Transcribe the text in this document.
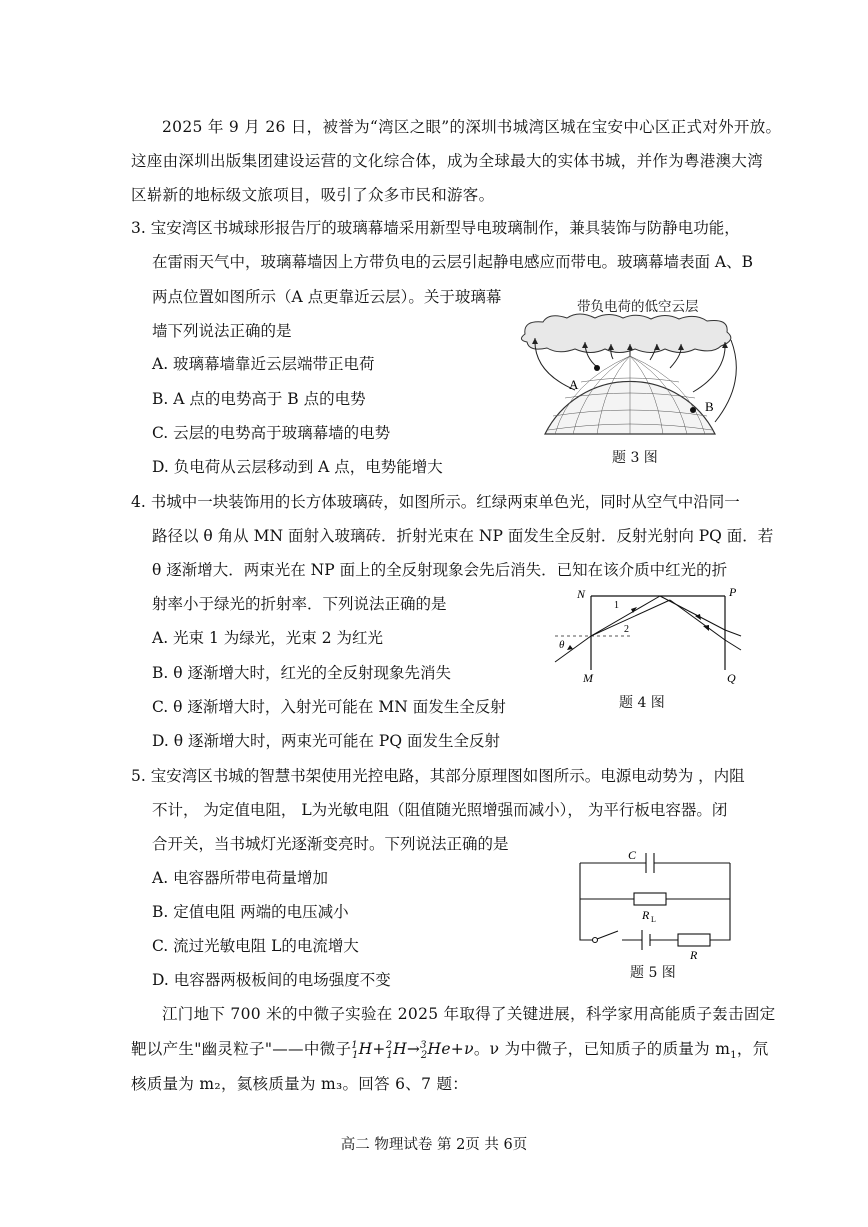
2025 年 9 月 26 日，被誉为“湾区之眼”的深圳书城湾区城在宝安中心区正式对外开放。
这座由深圳出版集团建设运营的文化综合体，成为全球最大的实体书城，并作为粤港澳大湾
区崭新的地标级文旅项目，吸引了众多市民和游客。
3. 宝安湾区书城球形报告厅的玻璃幕墙采用新型导电玻璃制作，兼具装饰与防静电功能，
在雷雨天气中，玻璃幕墙因上方带负电的云层引起静电感应而带电。玻璃幕墙表面 A、B
两点位置如图所示（A 点更靠近云层）。关于玻璃幕
墙下列说法正确的是
A. 玻璃幕墙靠近云层端带正电荷
B. A 点的电势高于 B 点的电势
C. 云层的电势高于玻璃幕墙的电势
D. 负电荷从云层移动到 A 点，电势能增大
带负电荷的低空云层
A
B
题 3 图
4. 书城中一块装饰用的长方体玻璃砖，如图所示。红绿两束单色光，同时从空气中沿同一
路径以 θ 角从 MN 面射入玻璃砖．折射光束在 NP 面发生全反射．反射光射向 PQ 面．若
θ 逐渐增大．两束光在 NP 面上的全反射现象会先后消失．已知在该介质中红光的折
射率小于绿光的折射率．下列说法正确的是
A. 光束 1 为绿光，光束 2 为红光
B. θ 逐渐增大时，红光的全反射现象先消失
C. θ 逐渐增大时，入射光可能在 MN 面发生全反射
D. θ 逐渐增大时，两束光可能在 PQ 面发生全反射
N	P
M	Q
1
2
θ
题 4 图
5. 宝安湾区书城的智慧书架使用光控电路，其部分原理图如图所示。电源电动势为 ，内阻
不计， 为定值电阻， L为光敏电阻（阻值随光照增强而减小）， 为平行板电容器。闭
合开关，当书城灯光逐渐变亮时。下列说法正确的是
A. 电容器所带电荷量增加
B. 定值电阻 两端的电压减小
C. 流过光敏电阻 L的电流增大
D. 电容器两极板间的电场强度不变
C
R L
R
题 5 图
江门地下 700 米的中微子实验在 2025 年取得了关键进展，科学家用高能质子轰击固定
靶以产生"幽灵粒子"——中微子$^1_1$H+$^2_1$H→$^3_2$He+ν。ν 为中微子，已知质子的质量为 $m_1$，氘
核质量为 m₂，氦核质量为 m₃。回答 6、7 题：
高二 物理试卷 第 2页 共 6页
